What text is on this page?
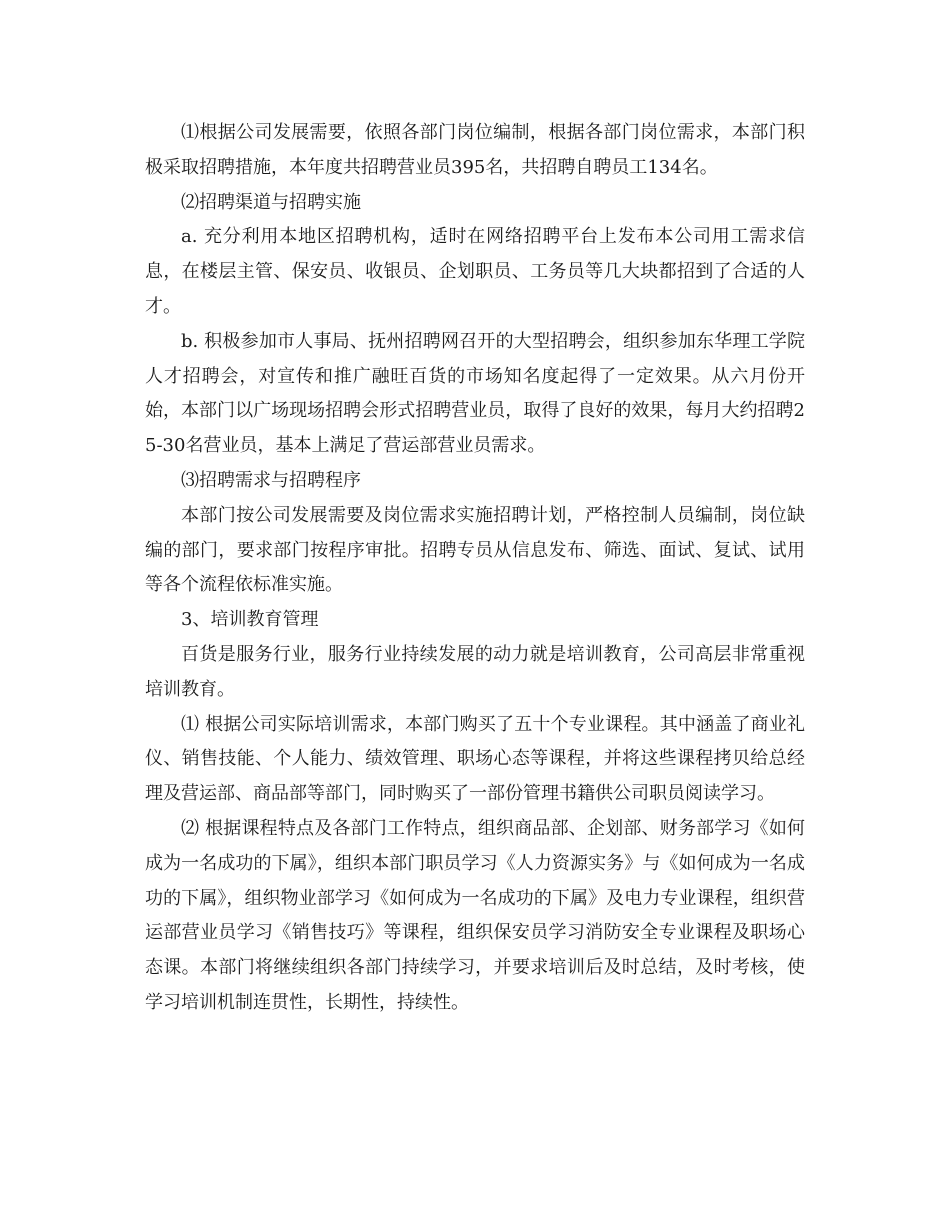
⑴根据公司发展需要，依照各部门岗位编制，根据各部门岗位需求，本部门积极采取招聘措施，本年度共招聘营业员395名，共招聘自聘员工134名。

⑵招聘渠道与招聘实施

a. 充分利用本地区招聘机构，适时在网络招聘平台上发布本公司用工需求信息，在楼层主管、保安员、收银员、企划职员、工务员等几大块都招到了合适的人才。

b. 积极参加市人事局、抚州招聘网召开的大型招聘会，组织参加东华理工学院人才招聘会，对宣传和推广融旺百货的市场知名度起得了一定效果。从六月份开始，本部门以广场现场招聘会形式招聘营业员，取得了良好的效果，每月大约招聘25-30名营业员，基本上满足了营运部营业员需求。

⑶招聘需求与招聘程序

本部门按公司发展需要及岗位需求实施招聘计划，严格控制人员编制，岗位缺编的部门，要求部门按程序审批。招聘专员从信息发布、筛选、面试、复试、试用等各个流程依标准实施。

3、培训教育管理

百货是服务行业，服务行业持续发展的动力就是培训教育，公司高层非常重视培训教育。

⑴ 根据公司实际培训需求，本部门购买了五十个专业课程。其中涵盖了商业礼仪、销售技能、个人能力、绩效管理、职场心态等课程，并将这些课程拷贝给总经理及营运部、商品部等部门，同时购买了一部份管理书籍供公司职员阅读学习。

⑵ 根据课程特点及各部门工作特点，组织商品部、企划部、财务部学习《如何成为一名成功的下属》，组织本部门职员学习《人力资源实务》与《如何成为一名成功的下属》，组织物业部学习《如何成为一名成功的下属》及电力专业课程，组织营运部营业员学习《销售技巧》等课程，组织保安员学习消防安全专业课程及职场心态课。本部门将继续组织各部门持续学习，并要求培训后及时总结，及时考核，使学习培训机制连贯性，长期性，持续性。
